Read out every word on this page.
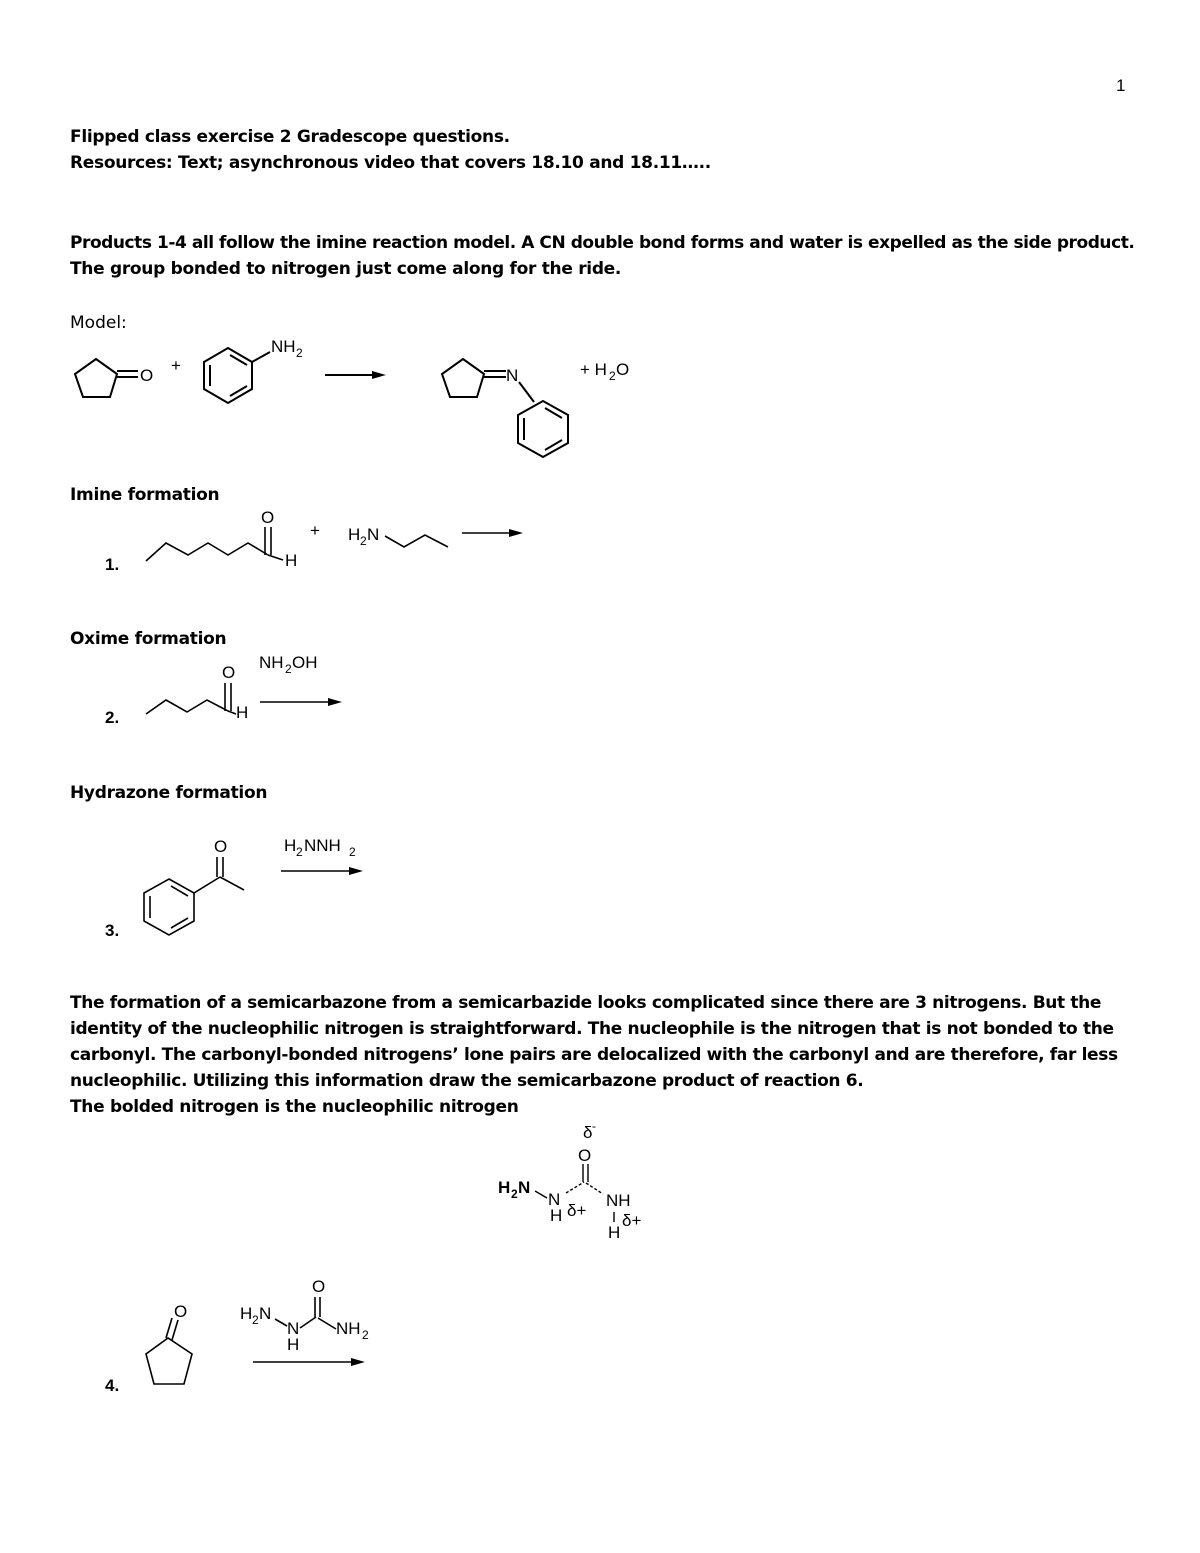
1
Flipped class exercise 2 Gradescope questions.
Resources: Text; asynchronous video that covers 18.10 and 18.11…..
Products 1-4 all follow the imine reaction model. A CN double bond forms and water is expelled as the side product.
The group bonded to nitrogen just come along for the ride.
Model:
O
+
NH 2
N	+ H 2 O
Imine formation
1.
O
H
+ H 2 N
Oxime formation
2.
O
H
NH 2 OH
Hydrazone formation
3.
O	H 2 NNH 2
The formation of a semicarbazone from a semicarbazide looks complicated since there are 3 nitrogens. But the identity of the nucleophilic nitrogen is straightforward. The nucleophile is the nitrogen that is not bonded to the carbonyl. The carbonyl-bonded nitrogens’ lone pairs are delocalized with the carbonyl and are therefore, far less nucleophilic. Utilizing this information draw the semicarbazone product of reaction 6.
The bolded nitrogen is the nucleophilic nitrogen
δ -
O
H 2 N
N
H δ+
NH
H
δ+
4.
O	H 2 N
N
H
O
NH 2
